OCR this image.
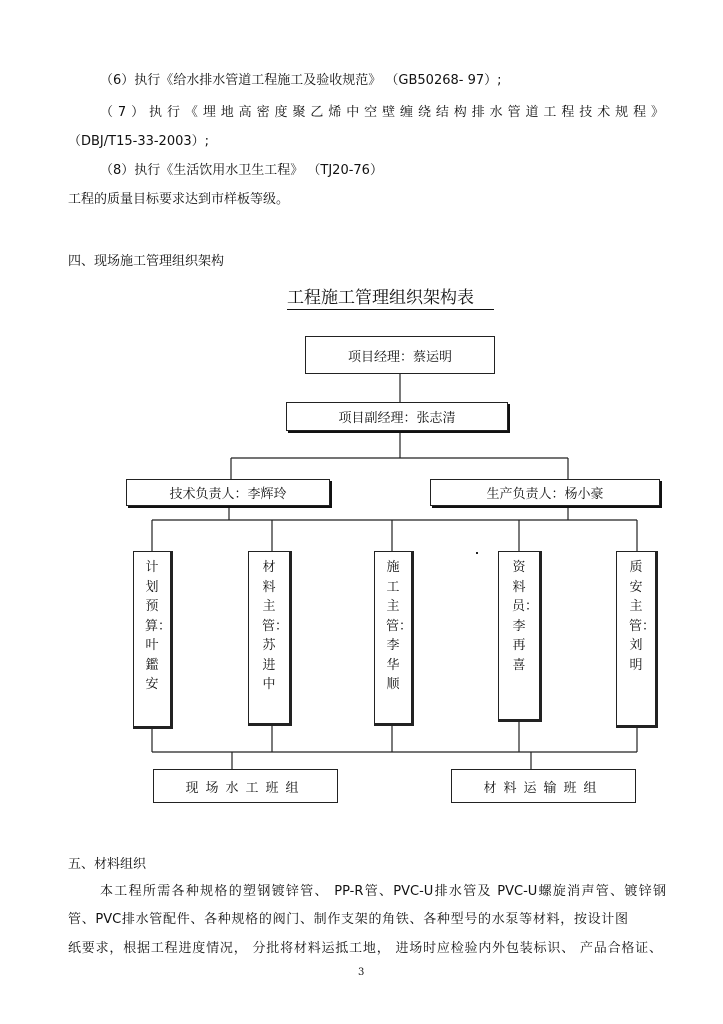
（6）执行《给水排水管道工程施工及验收规范》 （GB50268- 97）;
（7）执行《埋地高密度聚乙烯中空壁缠绕结构排水管道工程技术规程》
（DBJ/T15-33-2003）;
（8）执行《生活饮用水卫生工程》 （TJ20-76）
工程的质量目标要求达到市样板等级。
四、现场施工管理组织架构
工程施工管理组织架构表
项目经理：蔡运明
项目副经理：张志清
技术负责人：李辉玲	生产负责人：杨小豪
计划预算：叶鑑安
材料主管：苏进中
施工主管：李华顺
资料员：李再喜
质安主管：刘明
现场水工班组	材料运输班组
五、材料组织
本工程所需各种规格的塑钢镀锌管、 PP-R管、PVC-U排水管及 PVC-U螺旋消声管、镀锌钢
管、PVC排水管配件、各种规格的阀门、制作支架的角铁、各种型号的水泵等材料，按设计图
纸要求，根据工程进度情况， 分批将材料运抵工地， 进场时应检验内外包装标识、 产品合格证、
3
